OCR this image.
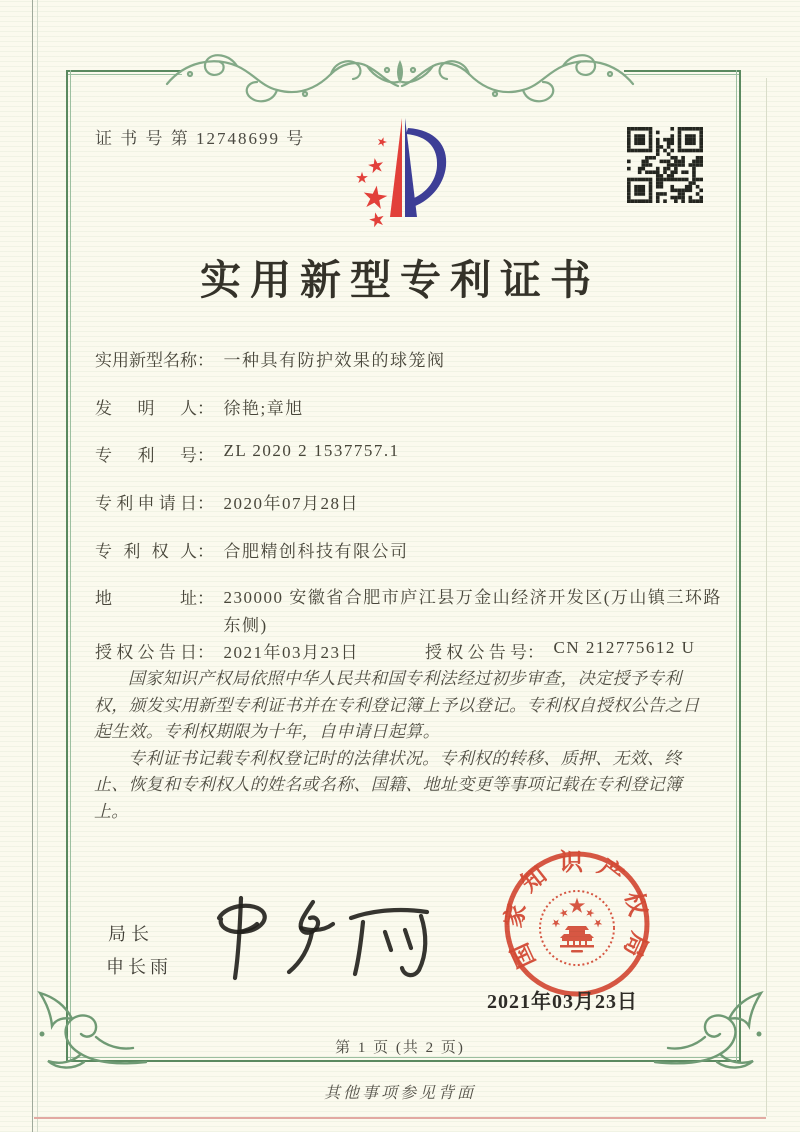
证 书 号 第 12748699 号
实用新型专利证书
实用新型名称： 一种具有防护效果的球笼阀
发明人： 徐艳;章旭
专利号： ZL 2020 2 1537757.1
专利申请日： 2020年07月28日
专利权人： 合肥精创科技有限公司
地址： 230000 安徽省合肥市庐江县万金山经济开发区(万山镇三环路东侧)
授权公告日： 2021年03月23日	授权公告号： CN 212775612 U

国家知识产权局依照中华人民共和国专利法经过初步审查，决定授予专利权，颁发实用新型专利证书并在专利登记簿上予以登记。专利权自授权公告之日起生效。专利权期限为十年，自申请日起算。

专利证书记载专利权登记时的法律状况。专利权的转移、质押、无效、终止、恢复和专利权人的姓名或名称、国籍、地址变更等事项记载在专利登记簿上。

局长
申长雨	国家知识产权局
2021年03月23日
第 1 页 (共 2 页)
其他事项参见背面
